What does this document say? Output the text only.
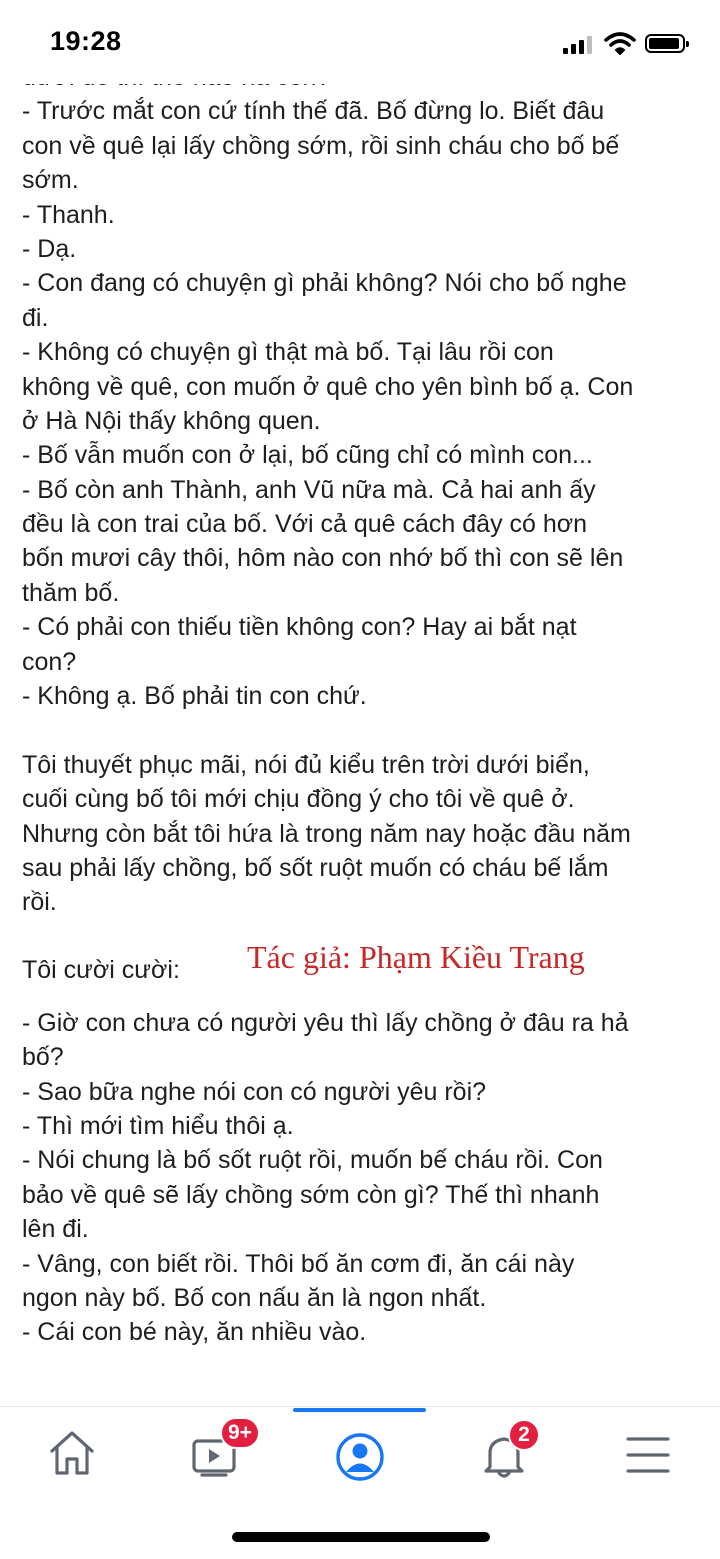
19:28
- Trước mắt con cứ tính thế đã. Bố đừng lo. Biết đâu
con về quê lại lấy chồng sớm, rồi sinh cháu cho bố bế
sớm.
- Thanh.
- Dạ.
- Con đang có chuyện gì phải không? Nói cho bố nghe
đi.
- Không có chuyện gì thật mà bố. Tại lâu rồi con
không về quê, con muốn ở quê cho yên bình bố ạ. Con
ở Hà Nội thấy không quen.
- Bố vẫn muốn con ở lại, bố cũng chỉ có mình con...
- Bố còn anh Thành, anh Vũ nữa mà. Cả hai anh ấy
đều là con trai của bố. Với cả quê cách đây có hơn
bốn mươi cây thôi, hôm nào con nhớ bố thì con sẽ lên
thăm bố.
- Có phải con thiếu tiền không con? Hay ai bắt nạt
con?
- Không ạ. Bố phải tin con chứ.
Tôi thuyết phục mãi, nói đủ kiểu trên trời dưới biển,
cuối cùng bố tôi mới chịu đồng ý cho tôi về quê ở.
Nhưng còn bắt tôi hứa là trong năm nay hoặc đầu năm
sau phải lấy chồng, bố sốt ruột muốn có cháu bế lắm
rồi.
Tôi cười cười: Tác giả: Phạm Kiều Trang
- Giờ con chưa có người yêu thì lấy chồng ở đâu ra hả
bố?
- Sao bữa nghe nói con có người yêu rồi?
- Thì mới tìm hiểu thôi ạ.
- Nói chung là bố sốt ruột rồi, muốn bế cháu rồi. Con
bảo về quê sẽ lấy chồng sớm còn gì? Thế thì nhanh
lên đi.
- Vâng, con biết rồi. Thôi bố ăn cơm đi, ăn cái này
ngon này bố. Bố con nấu ăn là ngon nhất.
- Cái con bé này, ăn nhiều vào.
9+	2
